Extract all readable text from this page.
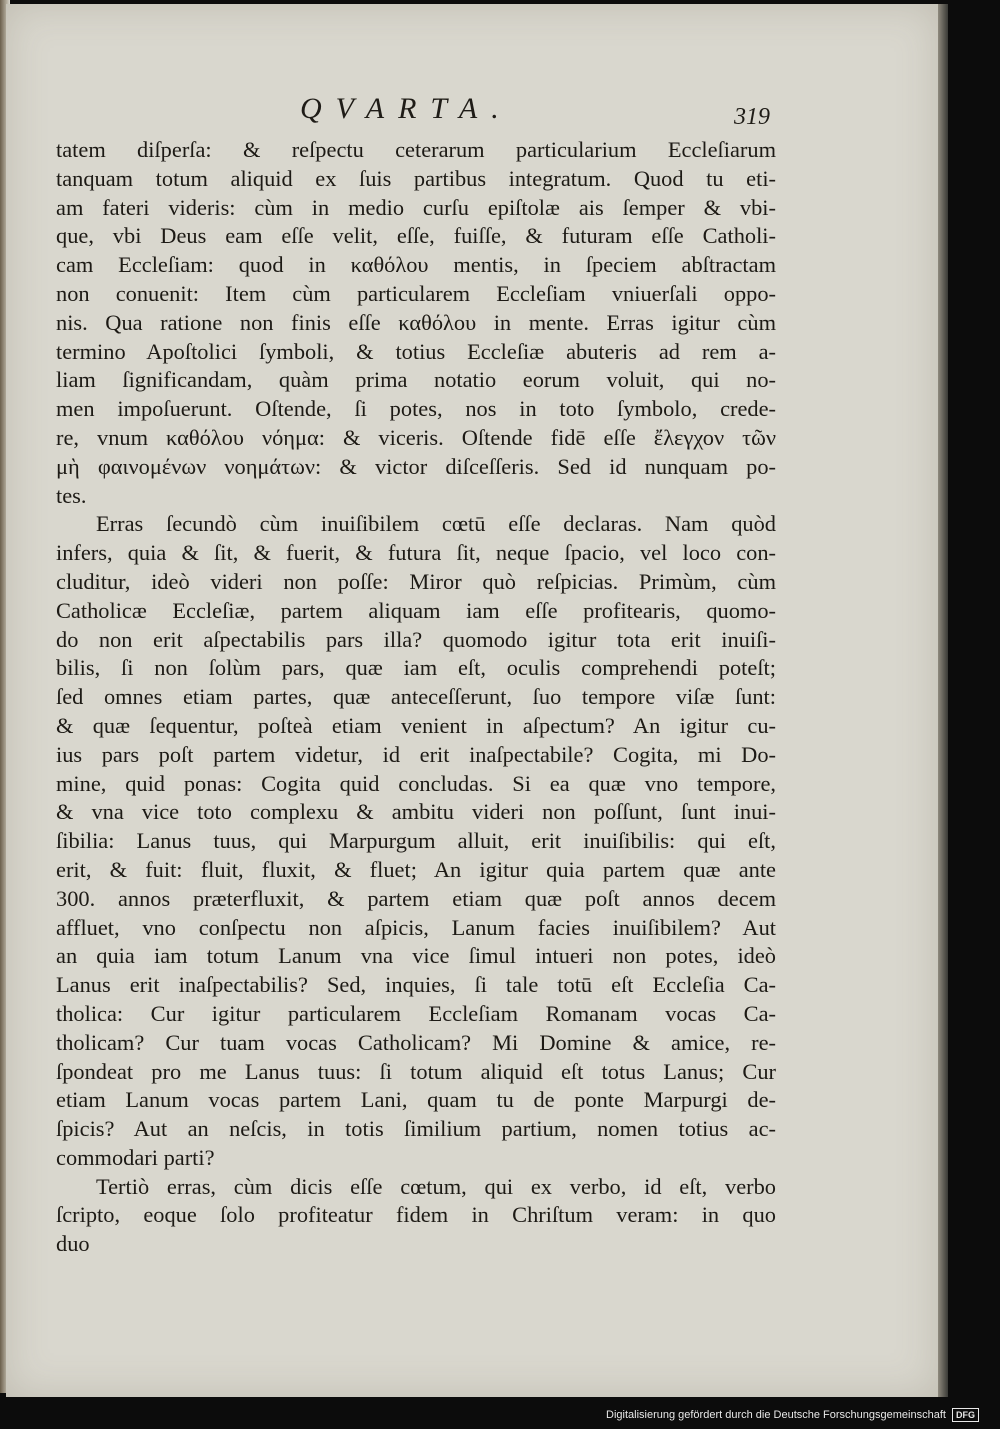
QVARTA.	319
tatem diſperſa: & reſpectu ceterarum particularium Eccleſiarum
tanquam totum aliquid ex ſuis partibus integratum. Quod tu eti-
am fateri videris: cùm in medio curſu epiſtolæ ais ſemper & vbi-
que, vbi Deus eam eſſe velit, eſſe, fuiſſe, & futuram eſſe Catholi-
cam Eccleſiam: quod in καθόλου mentis, in ſpeciem abſtractam
non conuenit: Item cùm particularem Eccleſiam vniuerſali oppo-
nis. Qua ratione non finis eſſe καθόλου in mente. Erras igitur cùm
termino Apoſtolici ſymboli, & totius Eccleſiæ abuteris ad rem a-
liam ſignificandam, quàm prima notatio eorum voluit, qui no-
men impoſuerunt. Oſtende, ſi potes, nos in toto ſymbolo, crede-
re, vnum καθόλου νόημα: & viceris. Oſtende fidē eſſe ἔλεγχον τῶν
μὴ φαινομένων νοημάτων: & victor diſceſſeris. Sed id nunquam po-
tes.
Erras ſecundò cùm inuiſibilem cœtū eſſe declaras. Nam quòd
infers, quia & ſit, & fuerit, & futura ſit, neque ſpacio, vel loco con-
cluditur, ideò videri non poſſe: Miror quò reſpicias. Primùm, cùm
Catholicæ Eccleſiæ, partem aliquam iam eſſe profitearis, quomo-
do non erit aſpectabilis pars illa? quomodo igitur tota erit inuiſi-
bilis, ſi non ſolùm pars, quæ iam eſt, oculis comprehendi poteſt;
ſed omnes etiam partes, quæ anteceſſerunt, ſuo tempore viſæ ſunt:
& quæ ſequentur, poſteà etiam venient in aſpectum? An igitur cu-
ius pars poſt partem videtur, id erit inaſpectabile? Cogita, mi Do-
mine, quid ponas: Cogita quid concludas. Si ea quæ vno tempore,
& vna vice toto complexu & ambitu videri non poſſunt, ſunt inui-
ſibilia: Lanus tuus, qui Marpurgum alluit, erit inuiſibilis: qui eſt,
erit, & fuit: fluit, fluxit, & fluet; An igitur quia partem quæ ante
300. annos præterfluxit, & partem etiam quæ poſt annos decem
affluet, vno conſpectu non aſpicis, Lanum facies inuiſibilem? Aut
an quia iam totum Lanum vna vice ſimul intueri non potes, ideò
Lanus erit inaſpectabilis? Sed, inquies, ſi tale totū eſt Eccleſia Ca-
tholica: Cur igitur particularem Eccleſiam Romanam vocas Ca-
tholicam? Cur tuam vocas Catholicam? Mi Domine & amice, re-
ſpondeat pro me Lanus tuus: ſi totum aliquid eſt totus Lanus; Cur
etiam Lanum vocas partem Lani, quam tu de ponte Marpurgi de-
ſpicis? Aut an neſcis, in totis ſimilium partium, nomen totius ac-
commodari parti?
Tertiò erras, cùm dicis eſſe cœtum, qui ex verbo, id eſt, verbo
ſcripto, eoque ſolo profiteatur fidem in Chriſtum veram: in quo
duo
Digitalisierung gefördert durch die Deutsche Forschungsgemeinschaft DFG
